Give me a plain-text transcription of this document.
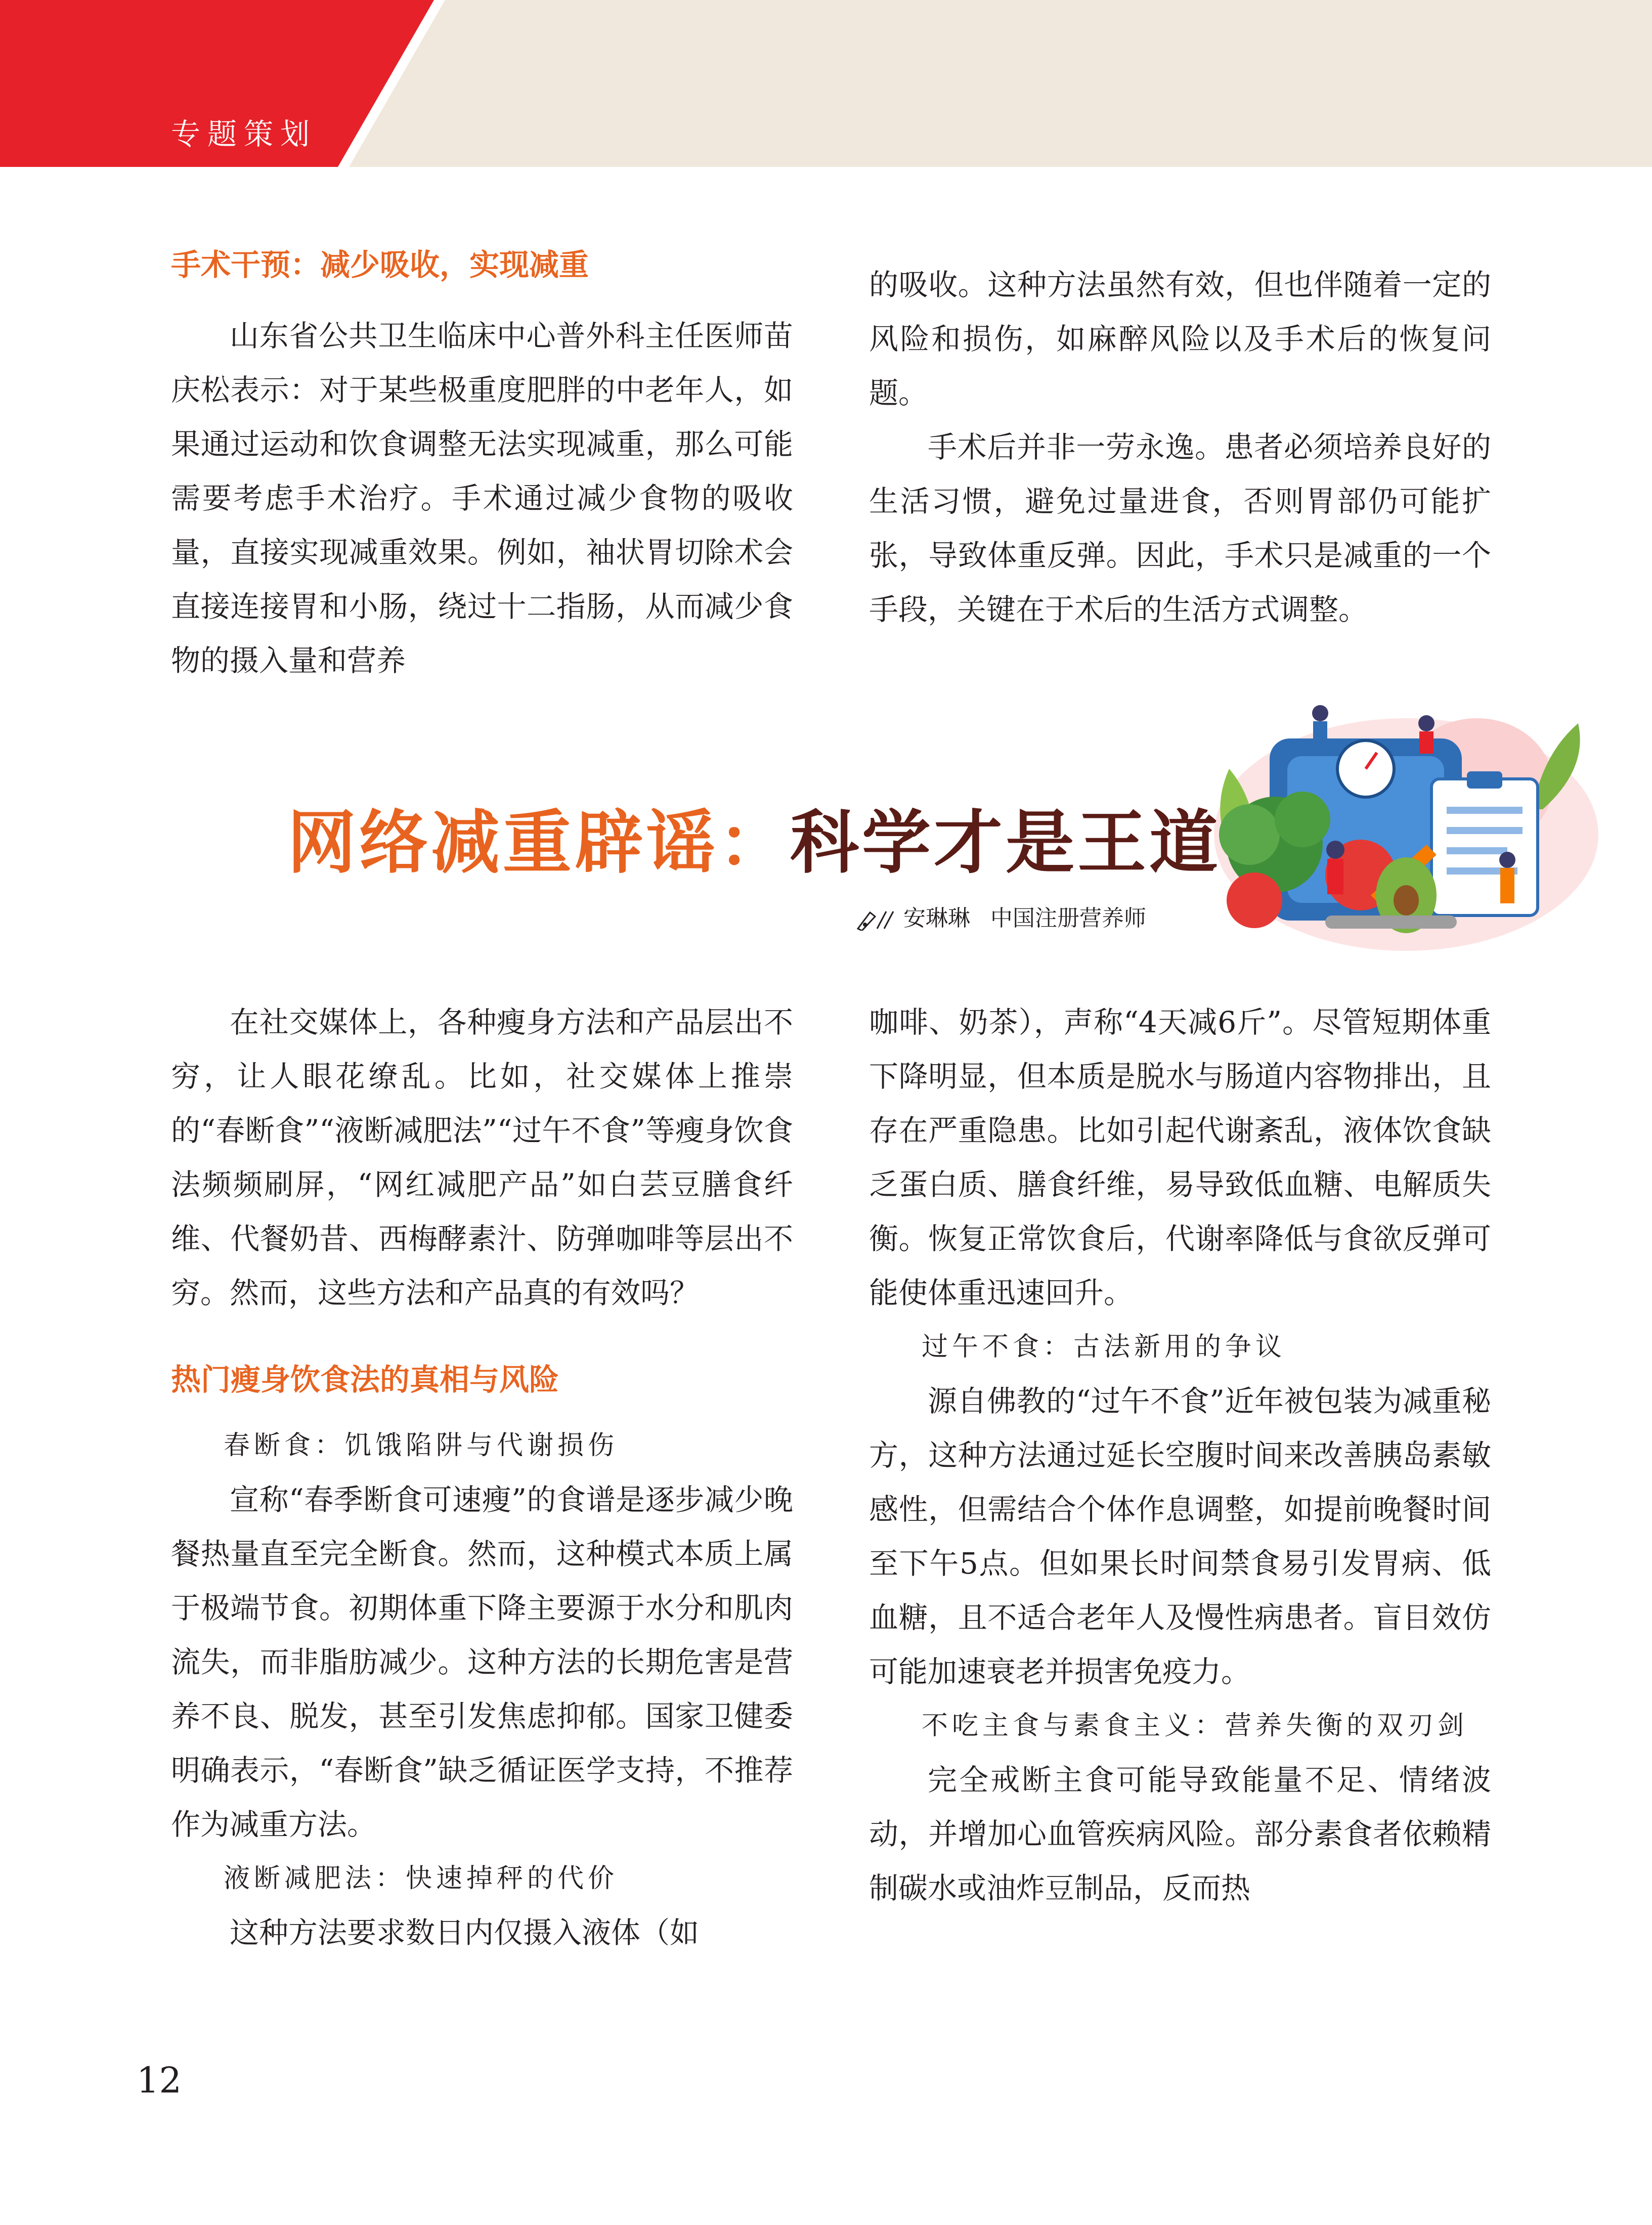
专题策划
手术干预：减少吸收，实现减重

山东省公共卫生临床中心普外科主任医师苗庆松表示：对于某些极重度肥胖的中老年人，如果通过运动和饮食调整无法实现减重，那么可能需要考虑手术治疗。手术通过减少食物的吸收量，直接实现减重效果。例如，袖状胃切除术会直接连接胃和小肠，绕过十二指肠，从而减少食物的摄入量和营养

的吸收。这种方法虽然有效，但也伴随着一定的风险和损伤，如麻醉风险以及手术后的恢复问题。

手术后并非一劳永逸。患者必须培养良好的生活习惯，避免过量进食，否则胃部仍可能扩张，导致体重反弹。因此，手术只是减重的一个手段，关键在于术后的生活方式调整。

网络减重辟谣：科学才是王道
安琳琳 中国注册营养师

在社交媒体上，各种瘦身方法和产品层出不穷，让人眼花缭乱。比如，社交媒体上推崇的“春断食”“液断减肥法”“过午不食”等瘦身饮食法频频刷屏，“网红减肥产品”如白芸豆膳食纤维、代餐奶昔、西梅酵素汁、防弹咖啡等层出不穷。然而，这些方法和产品真的有效吗？

热门瘦身饮食法的真相与风险
春断食：饥饿陷阱与代谢损伤

宣称“春季断食可速瘦”的食谱是逐步减少晚餐热量直至完全断食。然而，这种模式本质上属于极端节食。初期体重下降主要源于水分和肌肉流失，而非脂肪减少。这种方法的长期危害是营养不良、脱发，甚至引发焦虑抑郁。国家卫健委明确表示，“春断食”缺乏循证医学支持，不推荐作为减重方法。

液断减肥法：快速掉秤的代价

这种方法要求数日内仅摄入液体（如

咖啡、奶茶），声称“4天减6斤”。尽管短期体重下降明显，但本质是脱水与肠道内容物排出，且存在严重隐患。比如引起代谢紊乱，液体饮食缺乏蛋白质、膳食纤维，易导致低血糖、电解质失衡。恢复正常饮食后，代谢率降低与食欲反弹可能使体重迅速回升。

过午不食：古法新用的争议

源自佛教的“过午不食”近年被包装为减重秘方，这种方法通过延长空腹时间来改善胰岛素敏感性，但需结合个体作息调整，如提前晚餐时间至下午5点。但如果长时间禁食易引发胃病、低血糖，且不适合老年人及慢性病患者。盲目效仿可能加速衰老并损害免疫力。

不吃主食与素食主义：营养失衡的双刃剑

完全戒断主食可能导致能量不足、情绪波动，并增加心血管疾病风险。部分素食者依赖精制碳水或油炸豆制品，反而热

12
